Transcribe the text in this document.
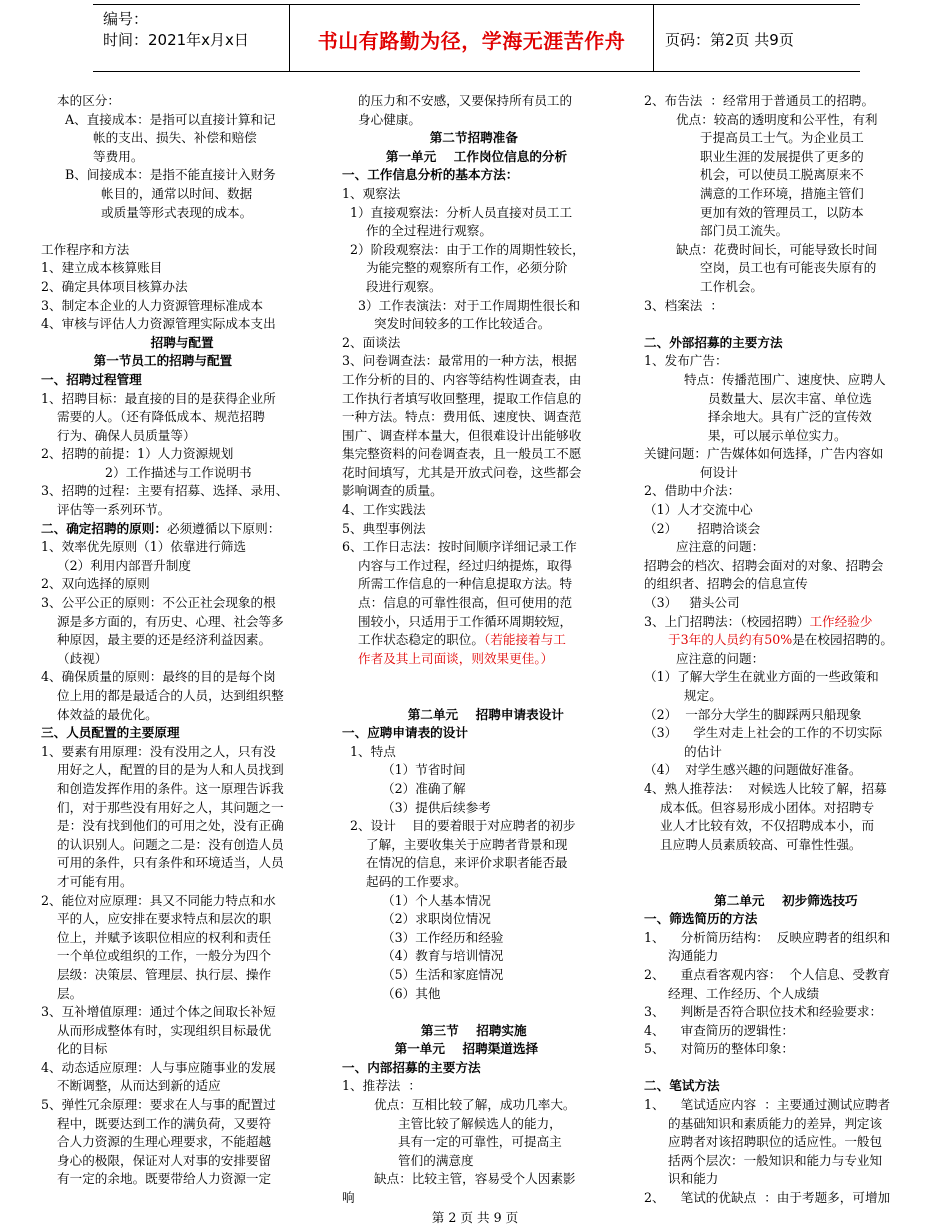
编号：
时间：2021年x月x日	书山有路勤为径，学海无涯苦作舟	页码：第2页 共9页
本的区分：
A、直接成本：是指可以直接计算和记
帐的支出、损失、补偿和赔偿
等费用。
B、间接成本：是指不能直接计入财务
帐目的，通常以时间、数据
或质量等形式表现的成本。

工作程序和方法
1、建立成本核算账目
2、确定具体项目核算办法
3、制定本企业的人力资源管理标准成本
4、审核与评估人力资源管理实际成本支出
招聘与配置
第一节员工的招聘与配置
一、招聘过程管理
1、招聘目标：最直接的目的是获得企业所
需要的人。（还有降低成本、规范招聘
行为、确保人员质量等）
2、招聘的前提：1）人力资源规划
2）工作描述与工作说明书
3、招聘的过程：主要有招募、选择、录用、
评估等一系列环节。
二、确定招聘的原则：必须遵循以下原则：
1、效率优先原则（1）依靠进行筛选
（2）利用内部晋升制度
2、双向选择的原则
3、公平公正的原则：不公正社会现象的根
源是多方面的，有历史、心理、社会等多
种原因，最主要的还是经济利益因素。
（歧视）
4、确保质量的原则：最终的目的是每个岗
位上用的都是最适合的人员，达到组织整
体效益的最优化。
三、人员配置的主要原理
1、要素有用原理：没有没用之人，只有没
用好之人，配置的目的是为人和人员找到
和创造发挥作用的条件。这一原理告诉我
们，对于那些没有用好之人，其问题之一
是：没有找到他们的可用之处，没有正确
的认识别人。问题之二是：没有创造人员
可用的条件，只有条件和环境适当，人员
才可能有用。
2、能位对应原理：具又不同能力特点和水
平的人，应安排在要求特点和层次的职
位上，并赋予该职位相应的权利和责任
一个单位或组织的工作，一般分为四个
层级：决策层、管理层、执行层、操作
层。
3、互补增值原理：通过个体之间取长补短
从而形成整体有时，实现组织目标最优
化的目标
4、动态适应原理：人与事应随事业的发展
不断调整，从而达到新的适应
5、弹性冗余原理：要求在人与事的配置过
程中，既要达到工作的满负荷，又要符
合人力资源的生理心理要求，不能超越
身心的极限，保证对人对事的安排要留
有一定的余地。既要带给人力资源一定
的压力和不安感，又要保持所有员工的
身心健康。
第二节招聘准备
第一单元    工作岗位信息的分析
一、工作信息分析的基本方法：
1、观察法
1）直接观察法：分析人员直接对员工工
作的全过程进行观察。
2）阶段观察法：由于工作的周期性较长，
为能完整的观察所有工作，必须分阶
段进行观察。
3）工作表演法：对于工作周期性很长和
突发时间较多的工作比较适合。
2、面谈法
3、问卷调查法：最常用的一种方法，根据
工作分析的目的、内容等结构性调查表，由
工作执行者填写收回整理，提取工作信息的
一种方法。特点：费用低、速度快、调查范
围广、调查样本量大，但很难设计出能够收
集完整资料的问卷调查表，且一般员工不愿
花时间填写，尤其是开放式问卷，这些都会
影响调查的质量。
4、工作实践法
5、典型事例法
6、工作日志法：按时间顺序详细记录工作
内容与工作过程，经过归纳提炼，取得
所需工作信息的一种信息提取方法。特
点：信息的可靠性很高，但可使用的范
围较小，只适用于工作循环周期较短，
工作状态稳定的职位。（若能接着与工
作者及其上司面谈，则效果更佳。）

第二单元    招聘申请表设计
一、应聘申请表的设计
1、特点
（1）节省时间
（2）准确了解
（3）提供后续参考
2、设计    目的要着眼于对应聘者的初步
了解，主要收集关于应聘者背景和现
在情况的信息，来评价求职者能否最
起码的工作要求。
（1）个人基本情况
（2）求职岗位情况
（3）工作经历和经验
（4）教育与培训情况
（5）生活和家庭情况
（6）其他

第三节    招聘实施
第一单元    招聘渠道选择
一、内部招募的主要方法
1、推荐法  ：
优点：互相比较了解，成功几率大。
主管比较了解候选人的能力，
具有一定的可靠性，可提高主
管们的满意度
缺点：比较主管，容易受个人因素影
响
2、布告法  ：经常用于普通员工的招聘。
优点：较高的透明度和公平性，有利
于提高员工士气。为企业员工
职业生涯的发展提供了更多的
机会，可以使员工脱离原来不
满意的工作环境，措施主管们
更加有效的管理员工，以防本
部门员工流失。
缺点：花费时间长，可能导致长时间
空岗，员工也有可能丧失原有的
工作机会。
3、档案法  ：

二、外部招募的主要方法
1、发布广告：
特点：传播范围广、速度快、应聘人
员数量大、层次丰富、单位选
择余地大。具有广泛的宣传效
果，可以展示单位实力。
关键问题：广告媒体如何选择，广告内容如
何设计
2、借助中介法：
（1）人才交流中心
（2）     招聘洽谈会
应注意的问题：
招聘会的档次、招聘会面对的对象、招聘会
的组织者、招聘会的信息宣传
（3）   猎头公司
3、上门招聘法：（校园招聘）工作经验少
于3年的人员约有50%是在校园招聘的。
应注意的问题：
（1）了解大学生在就业方面的一些政策和
规定。
（2）  一部分大学生的脚踩两只船现象
（3）    学生对走上社会的工作的不切实际
的估计
（4）  对学生感兴趣的问题做好准备。
4、熟人推荐法：  对候选人比较了解，招募
成本低。但容易形成小团体。对招聘专
业人才比较有效，不仅招聘成本小，而
且应聘人员素质较高、可靠性性强。

第二单元    初步筛选技巧
一、筛选简历的方法
1、    分析简历结构：  反映应聘者的组织和
沟通能力
2、    重点看客观内容：  个人信息、受教育
经理、工作经历、个人成绩
3、    判断是否符合职位技术和经验要求：
4、    审查简历的逻辑性：
5、    对简历的整体印象：

二、笔试方法
1、    笔试适应内容  ：主要通过测试应聘者
的基础知识和素质能力的差异，判定该
应聘者对该招聘职位的适应性。一般包
括两个层次：一般知识和能力与专业知
识和能力
2、    笔试的优缺点  ：由于考题多，可增加
第 2 页 共 9 页
